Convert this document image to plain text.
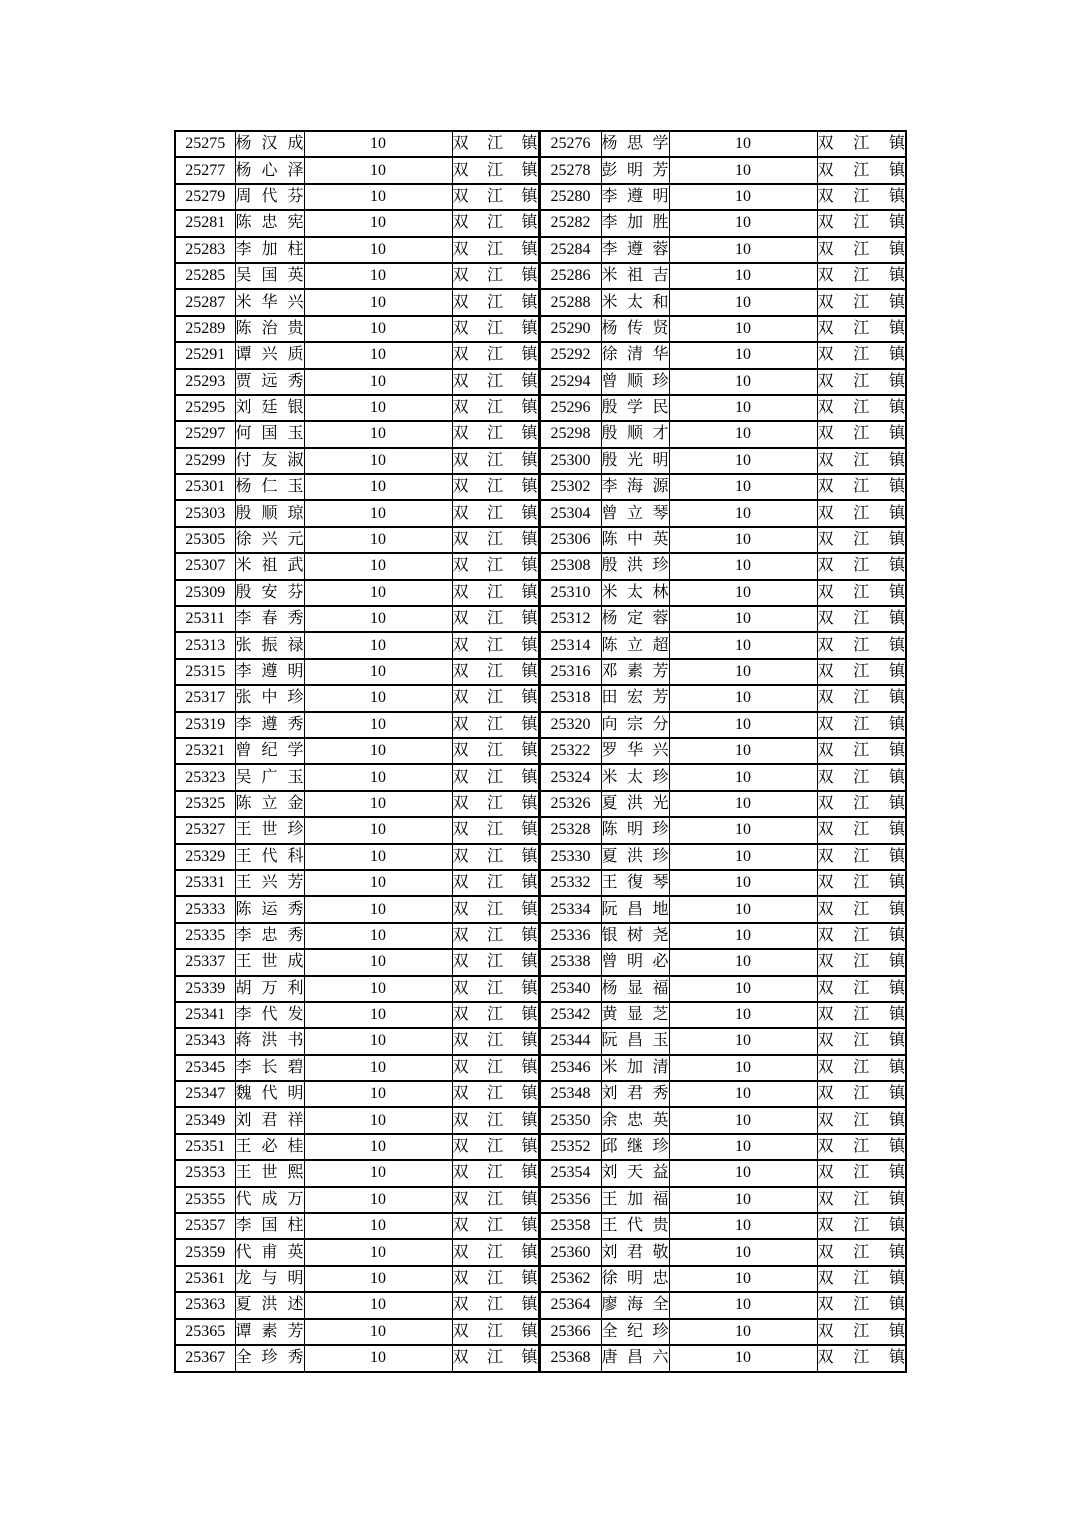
25275	杨汉成	10	双江镇	25276	杨思学	10	双江镇
25277	杨心泽	10	双江镇	25278	彭明芳	10	双江镇
25279	周代芬	10	双江镇	25280	李遵明	10	双江镇
25281	陈忠宪	10	双江镇	25282	李加胜	10	双江镇
25283	李加柱	10	双江镇	25284	李遵蓉	10	双江镇
25285	吴国英	10	双江镇	25286	米祖吉	10	双江镇
25287	米华兴	10	双江镇	25288	米太和	10	双江镇
25289	陈治贵	10	双江镇	25290	杨传贤	10	双江镇
25291	谭兴质	10	双江镇	25292	徐清华	10	双江镇
25293	贾远秀	10	双江镇	25294	曾顺珍	10	双江镇
25295	刘廷银	10	双江镇	25296	殷学民	10	双江镇
25297	何国玉	10	双江镇	25298	殷顺才	10	双江镇
25299	付友淑	10	双江镇	25300	殷光明	10	双江镇
25301	杨仁玉	10	双江镇	25302	李海源	10	双江镇
25303	殷顺琼	10	双江镇	25304	曾立琴	10	双江镇
25305	徐兴元	10	双江镇	25306	陈中英	10	双江镇
25307	米祖武	10	双江镇	25308	殷洪珍	10	双江镇
25309	殷安芬	10	双江镇	25310	米太林	10	双江镇
25311	李春秀	10	双江镇	25312	杨定蓉	10	双江镇
25313	张振禄	10	双江镇	25314	陈立超	10	双江镇
25315	李遵明	10	双江镇	25316	邓素芳	10	双江镇
25317	张中珍	10	双江镇	25318	田宏芳	10	双江镇
25319	李遵秀	10	双江镇	25320	向宗分	10	双江镇
25321	曾纪学	10	双江镇	25322	罗华兴	10	双江镇
25323	吴广玉	10	双江镇	25324	米太珍	10	双江镇
25325	陈立金	10	双江镇	25326	夏洪光	10	双江镇
25327	王世珍	10	双江镇	25328	陈明珍	10	双江镇
25329	王代科	10	双江镇	25330	夏洪珍	10	双江镇
25331	王兴芳	10	双江镇	25332	王復琴	10	双江镇
25333	陈运秀	10	双江镇	25334	阮昌地	10	双江镇
25335	李忠秀	10	双江镇	25336	银树尧	10	双江镇
25337	王世成	10	双江镇	25338	曾明必	10	双江镇
25339	胡万利	10	双江镇	25340	杨显福	10	双江镇
25341	李代发	10	双江镇	25342	黄显芝	10	双江镇
25343	蒋洪书	10	双江镇	25344	阮昌玉	10	双江镇
25345	李长碧	10	双江镇	25346	米加清	10	双江镇
25347	魏代明	10	双江镇	25348	刘君秀	10	双江镇
25349	刘君祥	10	双江镇	25350	余忠英	10	双江镇
25351	王必桂	10	双江镇	25352	邱继珍	10	双江镇
25353	王世熙	10	双江镇	25354	刘天益	10	双江镇
25355	代成万	10	双江镇	25356	王加福	10	双江镇
25357	李国柱	10	双江镇	25358	王代贵	10	双江镇
25359	代甫英	10	双江镇	25360	刘君敬	10	双江镇
25361	龙与明	10	双江镇	25362	徐明忠	10	双江镇
25363	夏洪述	10	双江镇	25364	廖海全	10	双江镇
25365	谭素芳	10	双江镇	25366	全纪珍	10	双江镇
25367	全珍秀	10	双江镇	25368	唐昌六	10	双江镇
